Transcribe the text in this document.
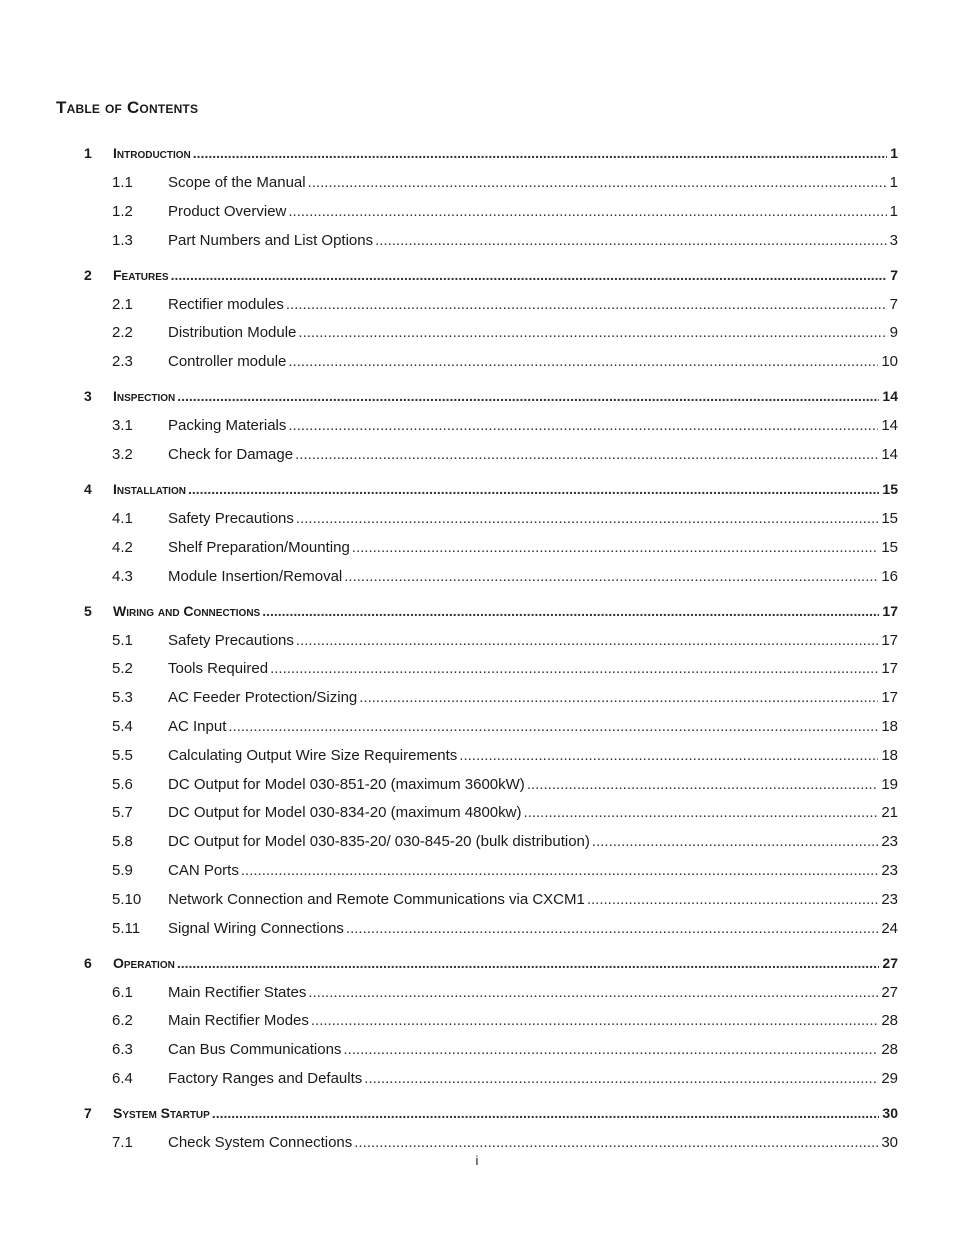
Table of Contents
1 Introduction .....	1
1.1 Scope of the Manual .....	1
1.2 Product Overview .....	1
1.3 Part Numbers and List Options .....	3
2 Features .....	7
2.1 Rectifier modules .....	7
2.2 Distribution Module .....	9
2.3 Controller module .....	10
3 Inspection .....	14
3.1 Packing Materials .....	14
3.2 Check for Damage .....	14
4 Installation .....	15
4.1 Safety Precautions .....	15
4.2 Shelf Preparation/Mounting .....	15
4.3 Module Insertion/Removal .....	16
5 Wiring and Connections .....	17
5.1 Safety Precautions .....	17
5.2 Tools Required .....	17
5.3 AC Feeder Protection/Sizing .....	17
5.4 AC Input .....	18
5.5 Calculating Output Wire Size Requirements .....	18
5.6 DC Output for Model 030-851-20 (maximum 3600kW) .....	19
5.7 DC Output for Model 030-834-20 (maximum 4800kw) .....	21
5.8 DC Output for Model 030-835-20/ 030-845-20 (bulk distribution) .....	23
5.9 CAN Ports .....	23
5.10 Network Connection and Remote Communications via CXCM1 .....	23
5.11 Signal Wiring Connections .....	24
6 Operation .....	27
6.1 Main Rectifier States .....	27
6.2 Main Rectifier Modes .....	28
6.3 Can Bus Communications .....	28
6.4 Factory Ranges and Defaults .....	29
7 System Startup .....	30
7.1 Check System Connections .....	30
i
